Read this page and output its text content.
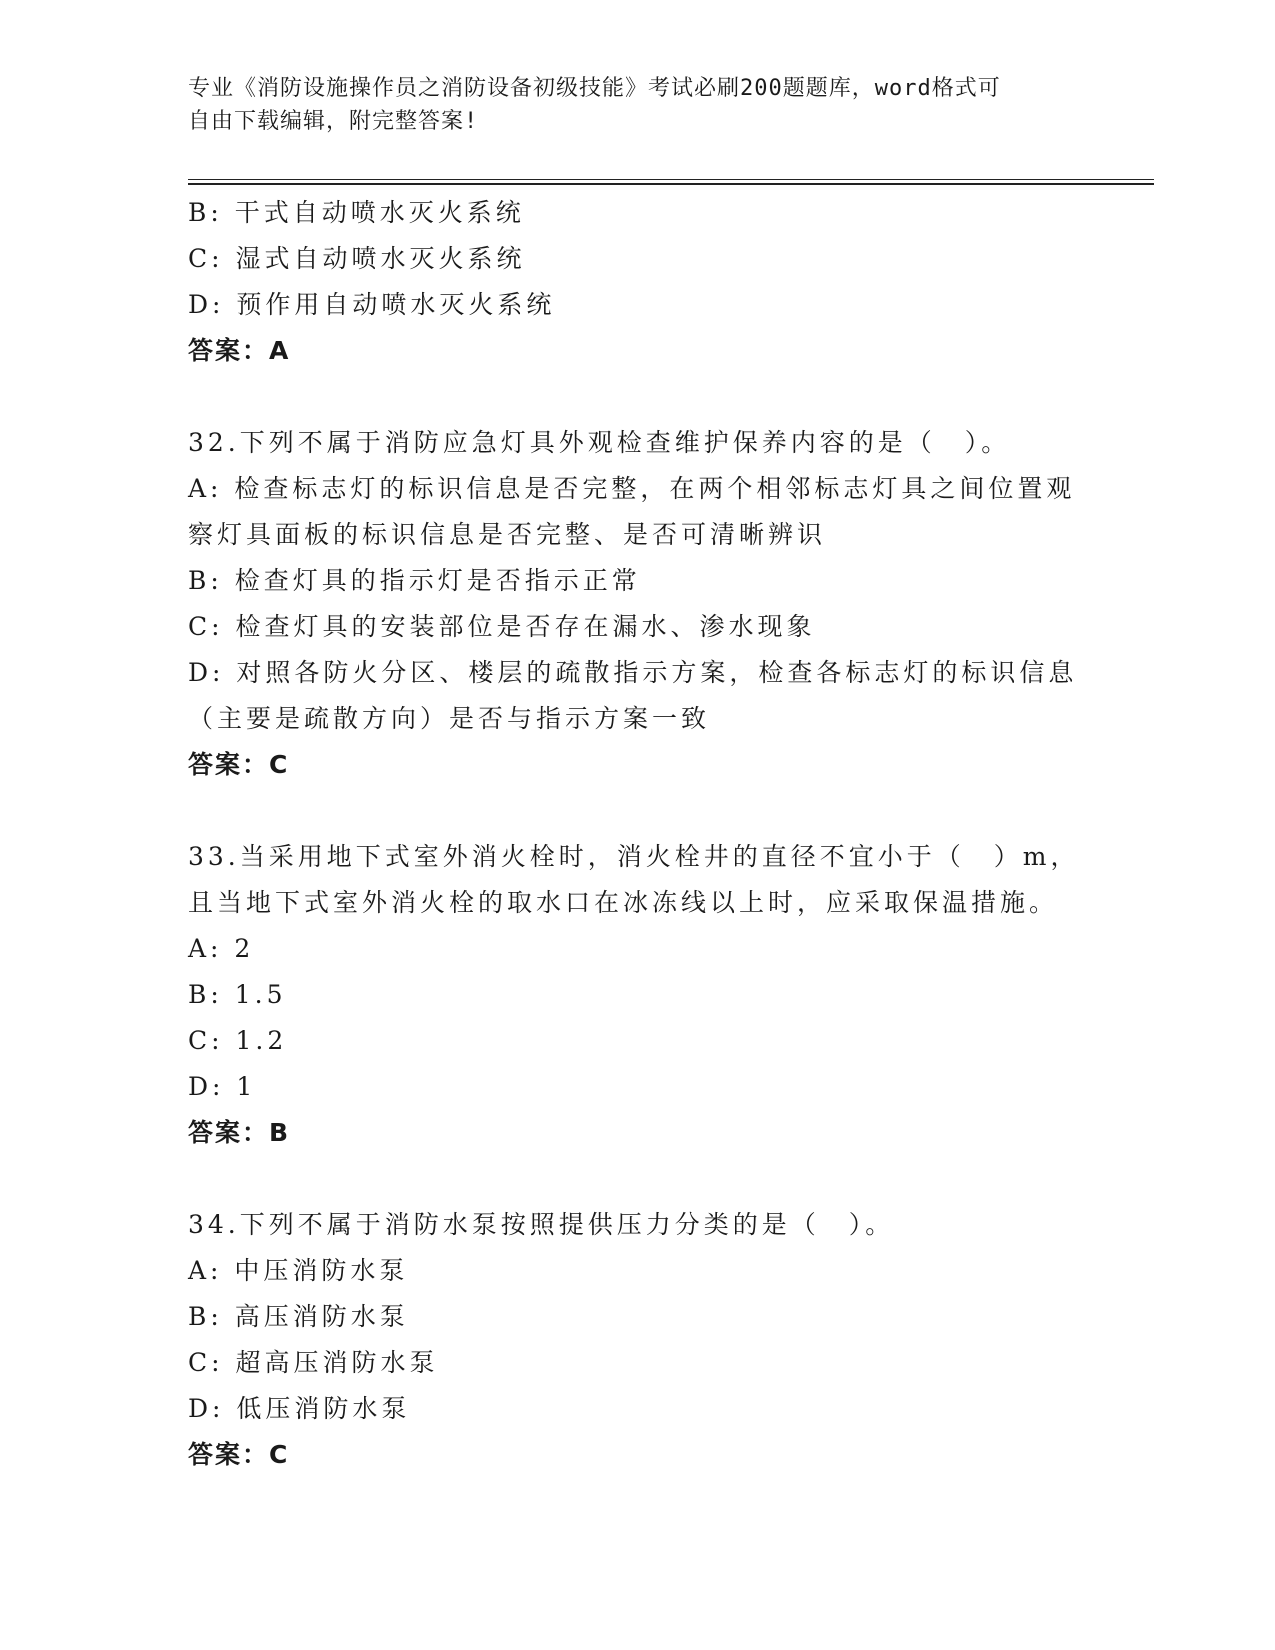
专业《消防设施操作员之消防设备初级技能》考试必刷200题题库，word格式可
自由下载编辑，附完整答案!
B: 干式自动喷水灭火系统
C: 湿式自动喷水灭火系统
D: 预作用自动喷水灭火系统
答案：A
32.下列不属于消防应急灯具外观检查维护保养内容的是（　）。
A: 检查标志灯的标识信息是否完整，在两个相邻标志灯具之间位置观
察灯具面板的标识信息是否完整、是否可清晰辨识
B: 检查灯具的指示灯是否指示正常
C: 检查灯具的安装部位是否存在漏水、渗水现象
D: 对照各防火分区、楼层的疏散指示方案，检查各标志灯的标识信息
（主要是疏散方向）是否与指示方案一致
答案：C
33.当采用地下式室外消火栓时，消火栓井的直径不宜小于（　）m，
且当地下式室外消火栓的取水口在冰冻线以上时，应采取保温措施。
A: 2
B: 1.5
C: 1.2
D: 1
答案：B
34.下列不属于消防水泵按照提供压力分类的是（　）。
A: 中压消防水泵
B: 高压消防水泵
C: 超高压消防水泵
D: 低压消防水泵
答案：C
